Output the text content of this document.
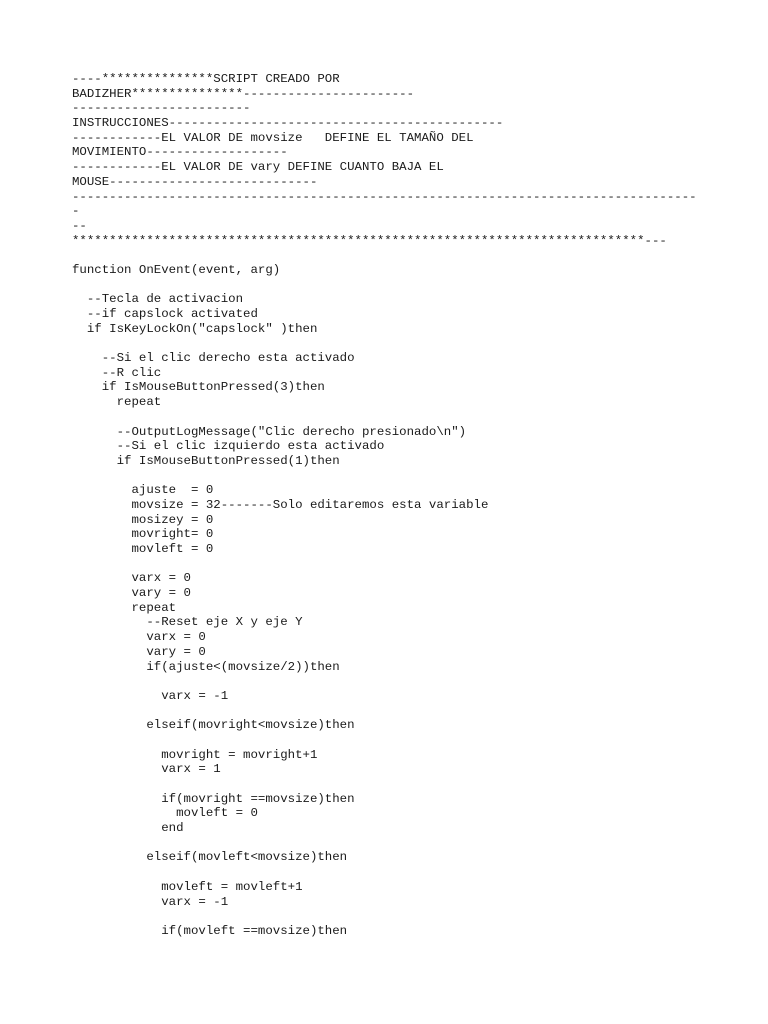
----***************SCRIPT CREADO POR
BADIZHER***************-----------------------
------------------------
INSTRUCCIONES---------------------------------------------
------------EL VALOR DE movsize   DEFINE EL TAMAÑO DEL
MOVIMIENTO-------------------
------------EL VALOR DE vary DEFINE CUANTO BAJA EL
MOUSE----------------------------
------------------------------------------------------------------------------------
-
--
*****************************************************************************---
function OnEvent(event, arg)
--Tecla de activacion
--if capslock activated
if IsKeyLockOn("capslock" )then
--Si el clic derecho esta activado
--R clic
if IsMouseButtonPressed(3)then
repeat
--OutputLogMessage("Clic derecho presionado\n")
--Si el clic izquierdo esta activado
if IsMouseButtonPressed(1)then
ajuste  = 0
movsize = 32-------Solo editaremos esta variable
mosizey = 0
movright= 0
movleft = 0
varx = 0
vary = 0
repeat
--Reset eje X y eje Y
varx = 0
vary = 0
if(ajuste<(movsize/2))then
varx = -1
elseif(movright<movsize)then
movright = movright+1
varx = 1
if(movright ==movsize)then
movleft = 0
end
elseif(movleft<movsize)then
movleft = movleft+1
varx = -1
if(movleft ==movsize)then
